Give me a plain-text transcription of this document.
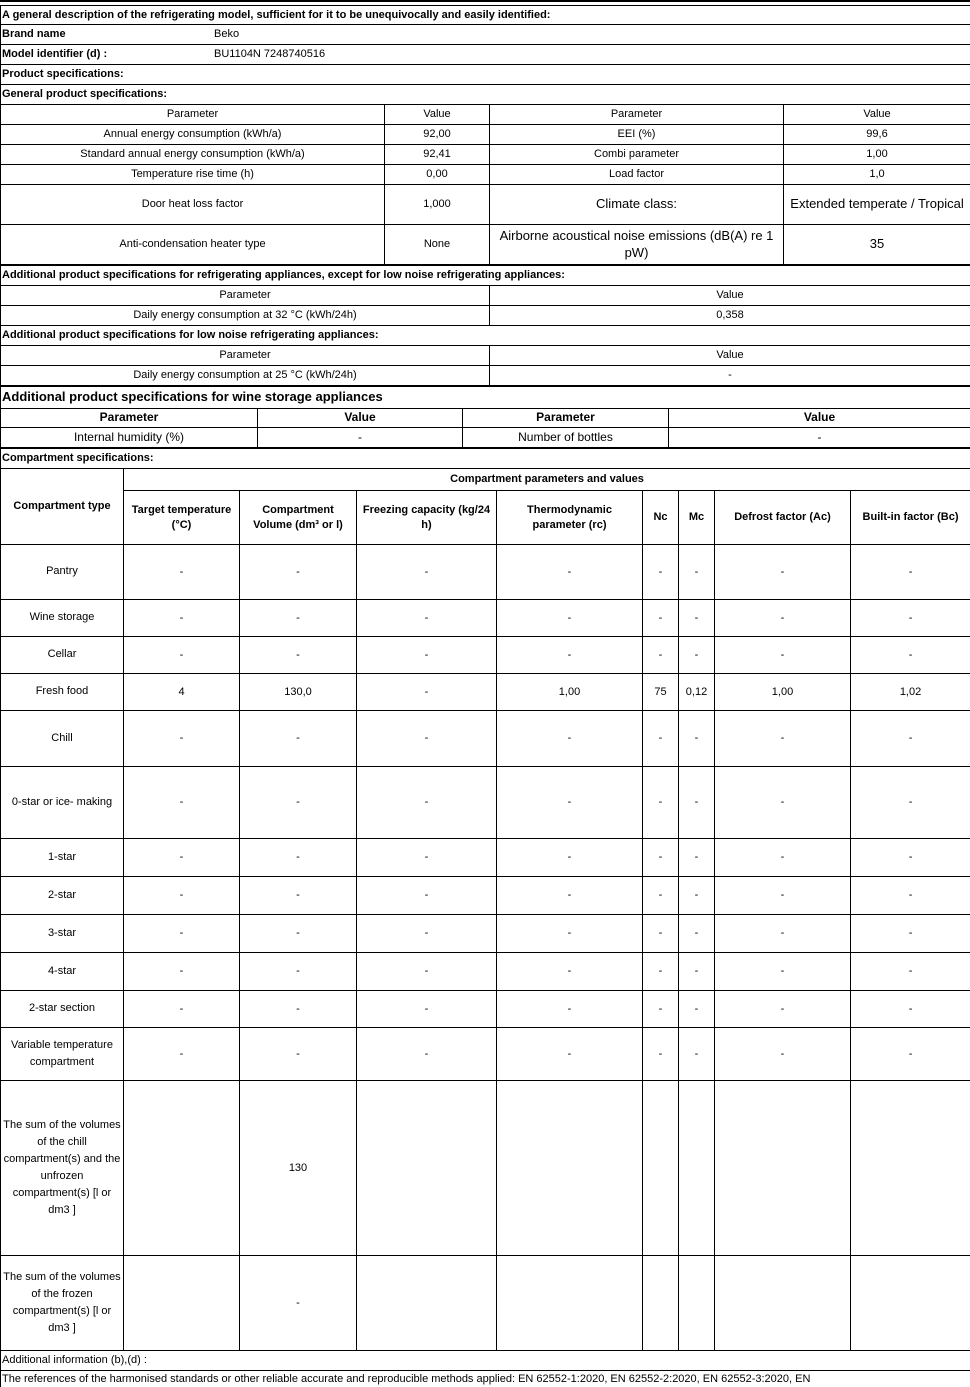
A general description of the refrigerating model, sufficient for it to be unequivocally and easily identified:			
Brand name Beko			
Model identifier (d) : BU1104N 7248740516			
Product specifications:			
General product specifications:			
Parameter	Value	Parameter	Value
Annual energy consumption (kWh/a)	92,00	EEI (%)	99,6
Standard annual energy consumption (kWh/a)	92,41	Combi parameter	1,00
Temperature rise time (h)	0,00	Load factor	1,0
Door heat loss factor	1,000	Climate class:	Extended temperate / Tropical
Anti-condensation heater type	None	Airborne acoustical noise emissions (dB(A) re 1 pW)	35
Additional product specifications for refrigerating appliances, except for low noise refrigerating appliances:	
Parameter	Value
Daily energy consumption at 32 °C (kWh/24h)	0,358
Additional product specifications for low noise refrigerating appliances:	
Parameter	Value
Daily energy consumption at 25 °C (kWh/24h)	-
Additional product specifications for wine storage appliances			
Parameter	Value	Parameter	Value
Internal humidity (%)	-	Number of bottles	-
Compartment specifications:								
Compartment type	Compartment parameters and values							
	Target temperature (°C)	Compartment Volume (dm³ or l)	Freezing capacity (kg/24 h)	Thermodynamic parameter (rc)	Nc	Mc	Defrost factor (Ac)	Built-in factor (Bc)
Pantry	-	-	-	-	-	-	-	-
Wine storage	-	-	-	-	-	-	-	-
Cellar	-	-	-	-	-	-	-	-
Fresh food	4	130,0	-	1,00	75	0,12	1,00	1,02
Chill	-	-	-	-	-	-	-	-
0-star or ice- making	-	-	-	-	-	-	-	-
1-star	-	-	-	-	-	-	-	-
2-star	-	-	-	-	-	-	-	-
3-star	-	-	-	-	-	-	-	-
4-star	-	-	-	-	-	-	-	-
2-star section	-	-	-	-	-	-	-	-
Variable temperature compartment	-	-	-	-	-	-	-	-
The sum of the volumes of the chill compartment(s) and the unfrozen compartment(s) [l or dm3 ]		130						
The sum of the volumes of the frozen compartment(s) [l or dm3 ]		-						
Additional information (b),(d) :								
The references of the harmonised standards or other reliable accurate and reproducible methods applied: EN 62552-1:2020, EN 62552-2:2020, EN 62552-3:2020, EN								
